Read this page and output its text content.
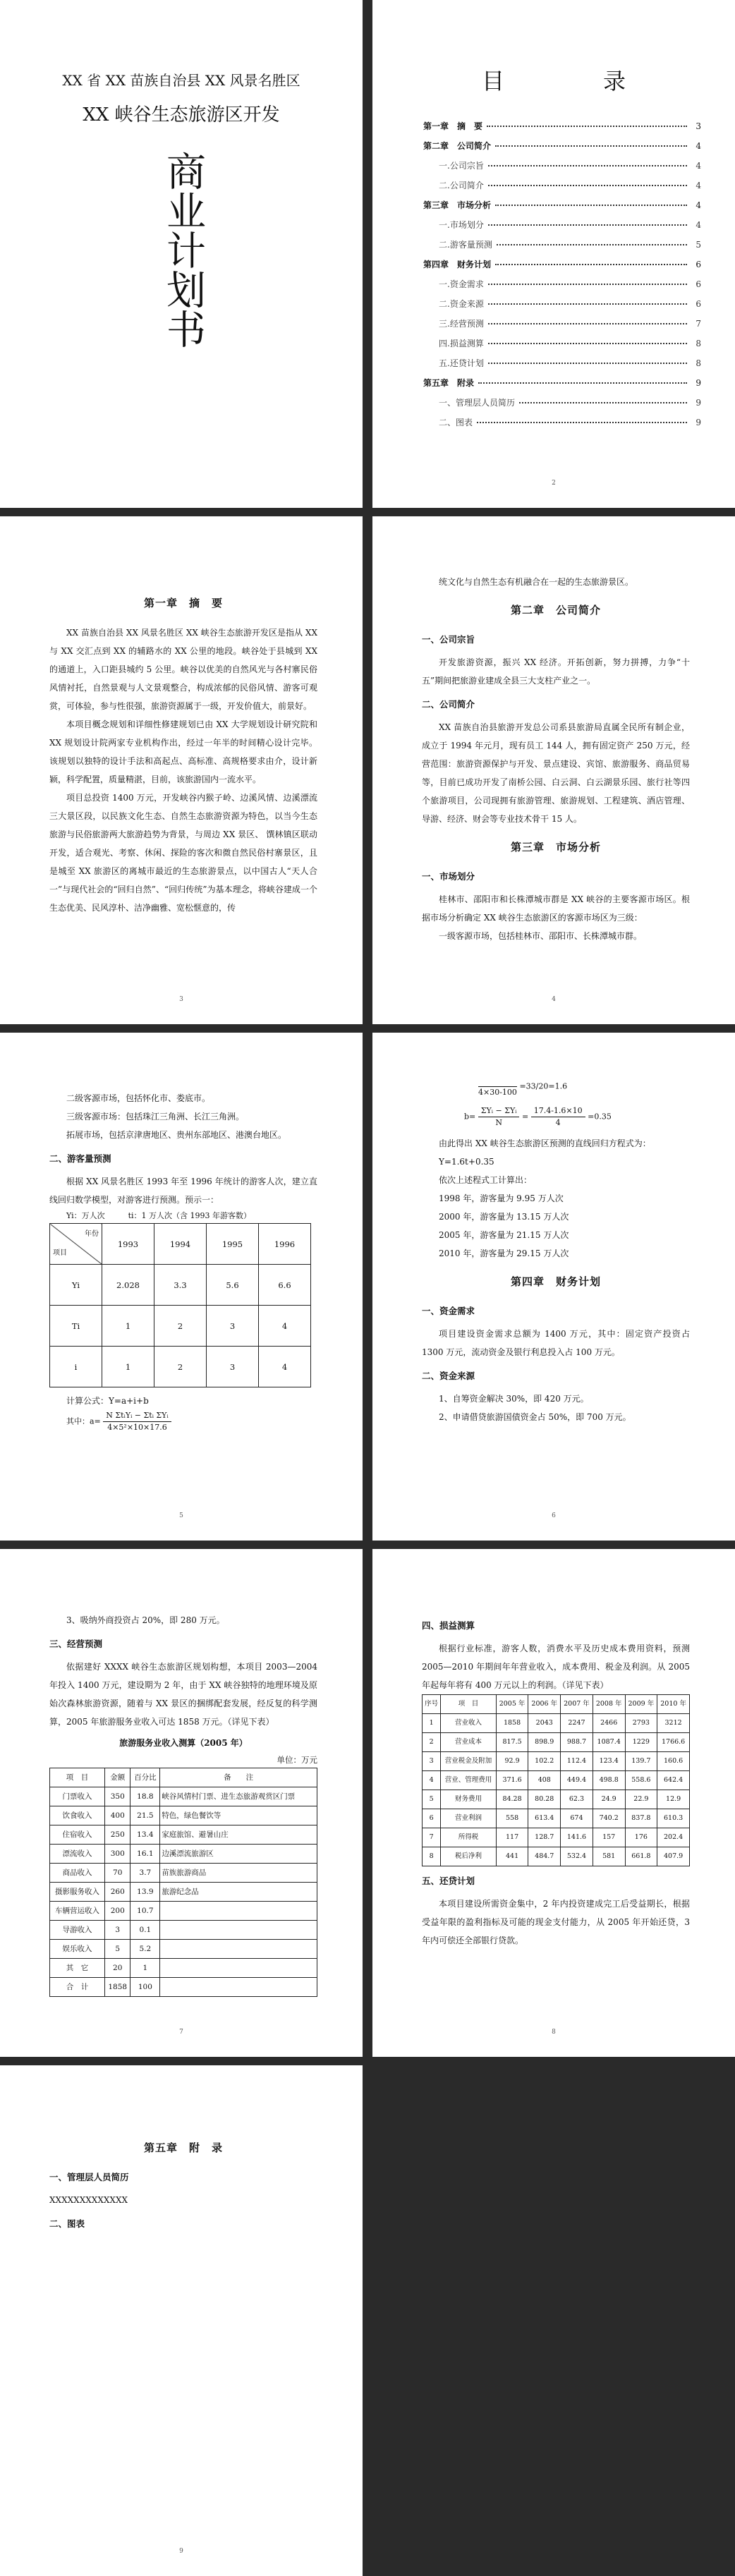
XX 省 XX 苗族自治县 XX 风景名胜区
XX 峡谷生态旅游区开发
商业计划书
目　录
第一章　摘　要	3
第二章　公司简介	4
一.公司宗旨	4
二.公司简介	4
第三章　市场分析	4
一.市场划分	4
二.游客量预测	5
第四章　财务计划	6
一.资金需求	6
二.资金来源	6
三.经营预测	7
四.损益测算	8
五.还贷计划	8
第五章　附录	9
一、管理层人员简历	9
二、图表	9
2
第一章　摘　要

XX 苗族自治县 XX 风景名胜区 XX 峡谷生态旅游开发区是指从 XX 与 XX 交汇点到 XX 的辅路水的 XX 公里的地段。峡谷处于县城到 XX 的通道上，入口距县城约 5 公里。峡谷以优美的自然风光与各村寨民俗风情衬托，自然景观与人文景观整合，构成浓郁的民俗风情、游客可观赏，可体验，参与性很强，旅游资源属于一级，开发价值大，前景好。

本项目概念规划和详细性修建规划已由 XX 大学规划设计研究院和 XX 规划设计院两家专业机构作出，经过一年半的时间精心设计完毕。该规划以独特的设计手法和高起点、高标准、高规格要求由介，设计新颖，科学配置，质量精湛，目前，该旅游国内一流水平。

项目总投资 1400 万元，开发峡谷内猴子岭、边溪风情、边溪漂流三大景区段，以民族文化生态、自然生态旅游资源为特色，以当今生态旅游与民俗旅游两大旅游趋势为背景，与周边 XX 景区、 馔林镇区联动开发，适合观光、考察、休闲、探险的客次和微自然民俗村寨景区，且是城至 XX 旅游区的离城市最近的生态旅游景点，以中国古人“天人合一”与现代社会的“回归自然”、“回归传统”为基本理念，将峡谷建成一个生态优美、民风淳朴、洁净幽雅、宽松惬意的，传

3

统文化与自然生态有机融合在一起的生态旅游景区。

第二章　公司简介
一、公司宗旨

开发旅游资源，振兴 XX 经济。开拓创新，努力拼搏，力争“十五”期间把旅游业建成全县三大支柱产业之一。

二、公司简介

XX 苗族自治县旅游开发总公司系县旅游局直属全民所有制企业，成立于 1994 年元月，现有员工 144 人，拥有固定资产 250 万元，经营范围：旅游资源保护与开发、景点建设、宾馆、旅游服务、商品贸易等，目前已成功开发了南桥公园、白云洞、白云湖景乐园、旅行社等四个旅游项目，公司现拥有旅游管理、旅游规划、工程建筑、酒店管理、导游、经济、财会等专业技术骨干 15 人。

第三章　市场分析
一、市场划分

桂林市、邵阳市和长株潭城市群是 XX 峡谷的主要客源市场区。根据市场分析确定 XX 峡谷生态旅游区的客源市场区为三级：

一级客源市场，包括桂林市、邵阳市、长株潭城市群。

4

二级客源市场，包括怀化市、娄底市。

三级客源市场：包括珠江三角洲、长江三角洲。

拓展市场，包括京津唐地区、贵州东部地区、港澳台地区。

二、游客量预测

根据 XX 风景名胜区 1993 年至 1996 年统计的游客人次，建立直线回归数学模型，对游客进行预测。预示一：

Yi：万人次　　　ti：1 万人次（含 1993 年游客数）

年份
项目	1993	1994	1995	1996
Yi	2.028	3.3	5.6	6.6
Ti	1	2	3	4
i	1	2	3	4

计算公式：Y=a+i+b

其中：$a= \frac{\text{N ΣtᵢYᵢ − Σtᵢ ΣYᵢ}}{\text{4×5²×10×17.6}}$
5

4×30-100
=33/20=1.6
$b= \frac{\text{ΣYᵢ − ΣYᵢ}}{N} = \frac{17.4-1.6\times 10}{4} =0.35$

由此得出 XX 峡谷生态旅游区预测的直线回归方程式为：

Y=1.6t+0.35

依次上述程式工计算出：

1998 年，游客量为 9.95 万人次

2000 年，游客量为 13.15 万人次

2005 年，游客量为 21.15 万人次

2010 年，游客量为 29.15 万人次

第四章　财务计划
一、资金需求

项目建设资金需求总额为 1400 万元，其中：固定资产投资占 1300 万元，流动资金及银行利息投入占 100 万元。

二、资金来源

1、自筹资金解决 30%，即 420 万元。

2、申请借贷旅游国债资金占 50%，即 700 万元。

6

3、吸纳外商投资占 20%，即 280 万元。

三、经营预测

依据建好 XXXX 峡谷生态旅游区规划构想，本项目 2003—2004 年投入 1400 万元，建设期为 2 年，由于 XX 峡谷独特的地理环境及原始次森林旅游资源，随着与 XX 景区的捆绑配套发展，经反复的科学测算，2005 年旅游服务业收入可达 1858 万元。（详见下表）

旅游服务业收入测算（2005 年）
单位：万元
项　目	金额	百分比	备　　注
门票收入	350	18.8	峡谷风情村门票、进生态旅游观赏区门票
饮食收入	400	21.5	特色，绿色餐饮等
住宿收入	250	13.4	家庭旅馆、避暑山庄
漂流收入	300	16.1	边溪漂流旅游区
商品收入	70	3.7	苗族旅游商品
摄影服务收入	260	13.9	旅游纪念品
车辆营运收入	200	10.7	
导游收入	3	0.1	
娱乐收入	5	5.2	
其　它	20	1	
合　计	1858	100	
7
四、损益测算

根据行业标准，游客人数，消费水平及历史成本费用资料，预测 2005—2010 年期间年年营业收入，成本费用、税金及利润。从 2005 年起每年将有 400 万元以上的利润。（详见下表）

序号	项　目	2005 年	2006 年	2007 年	2008 年	2009 年	2010 年
1	营业收入	1858	2043	2247	2466	2793	3212
2	营业成本	817.5	898.9	988.7	1087.4	1229	1766.6
3	营业税金及附加	92.9	102.2	112.4	123.4	139.7	160.6
4	营业、管理费用	371.6	408	449.4	498.8	558.6	642.4
5	财务费用	84.28	80.28	62.3	24.9	22.9	12.9
6	营业利润	558	613.4	674	740.2	837.8	610.3
7	所得税	117	128.7	141.6	157	176	202.4
8	税后净利	441	484.7	532.4	581	661.8	407.9
五、还贷计划

本项目建设所需资金集中，2 年内投资建成完工后受益期长，根据受益年限的盈利指标及可能的现金支付能力，从 2005 年开始还贷，3 年内可偿还全部银行贷款。

8
第五章　附　录
一、管理层人员简历

XXXXXXXXXXXXX

二、图表
9
